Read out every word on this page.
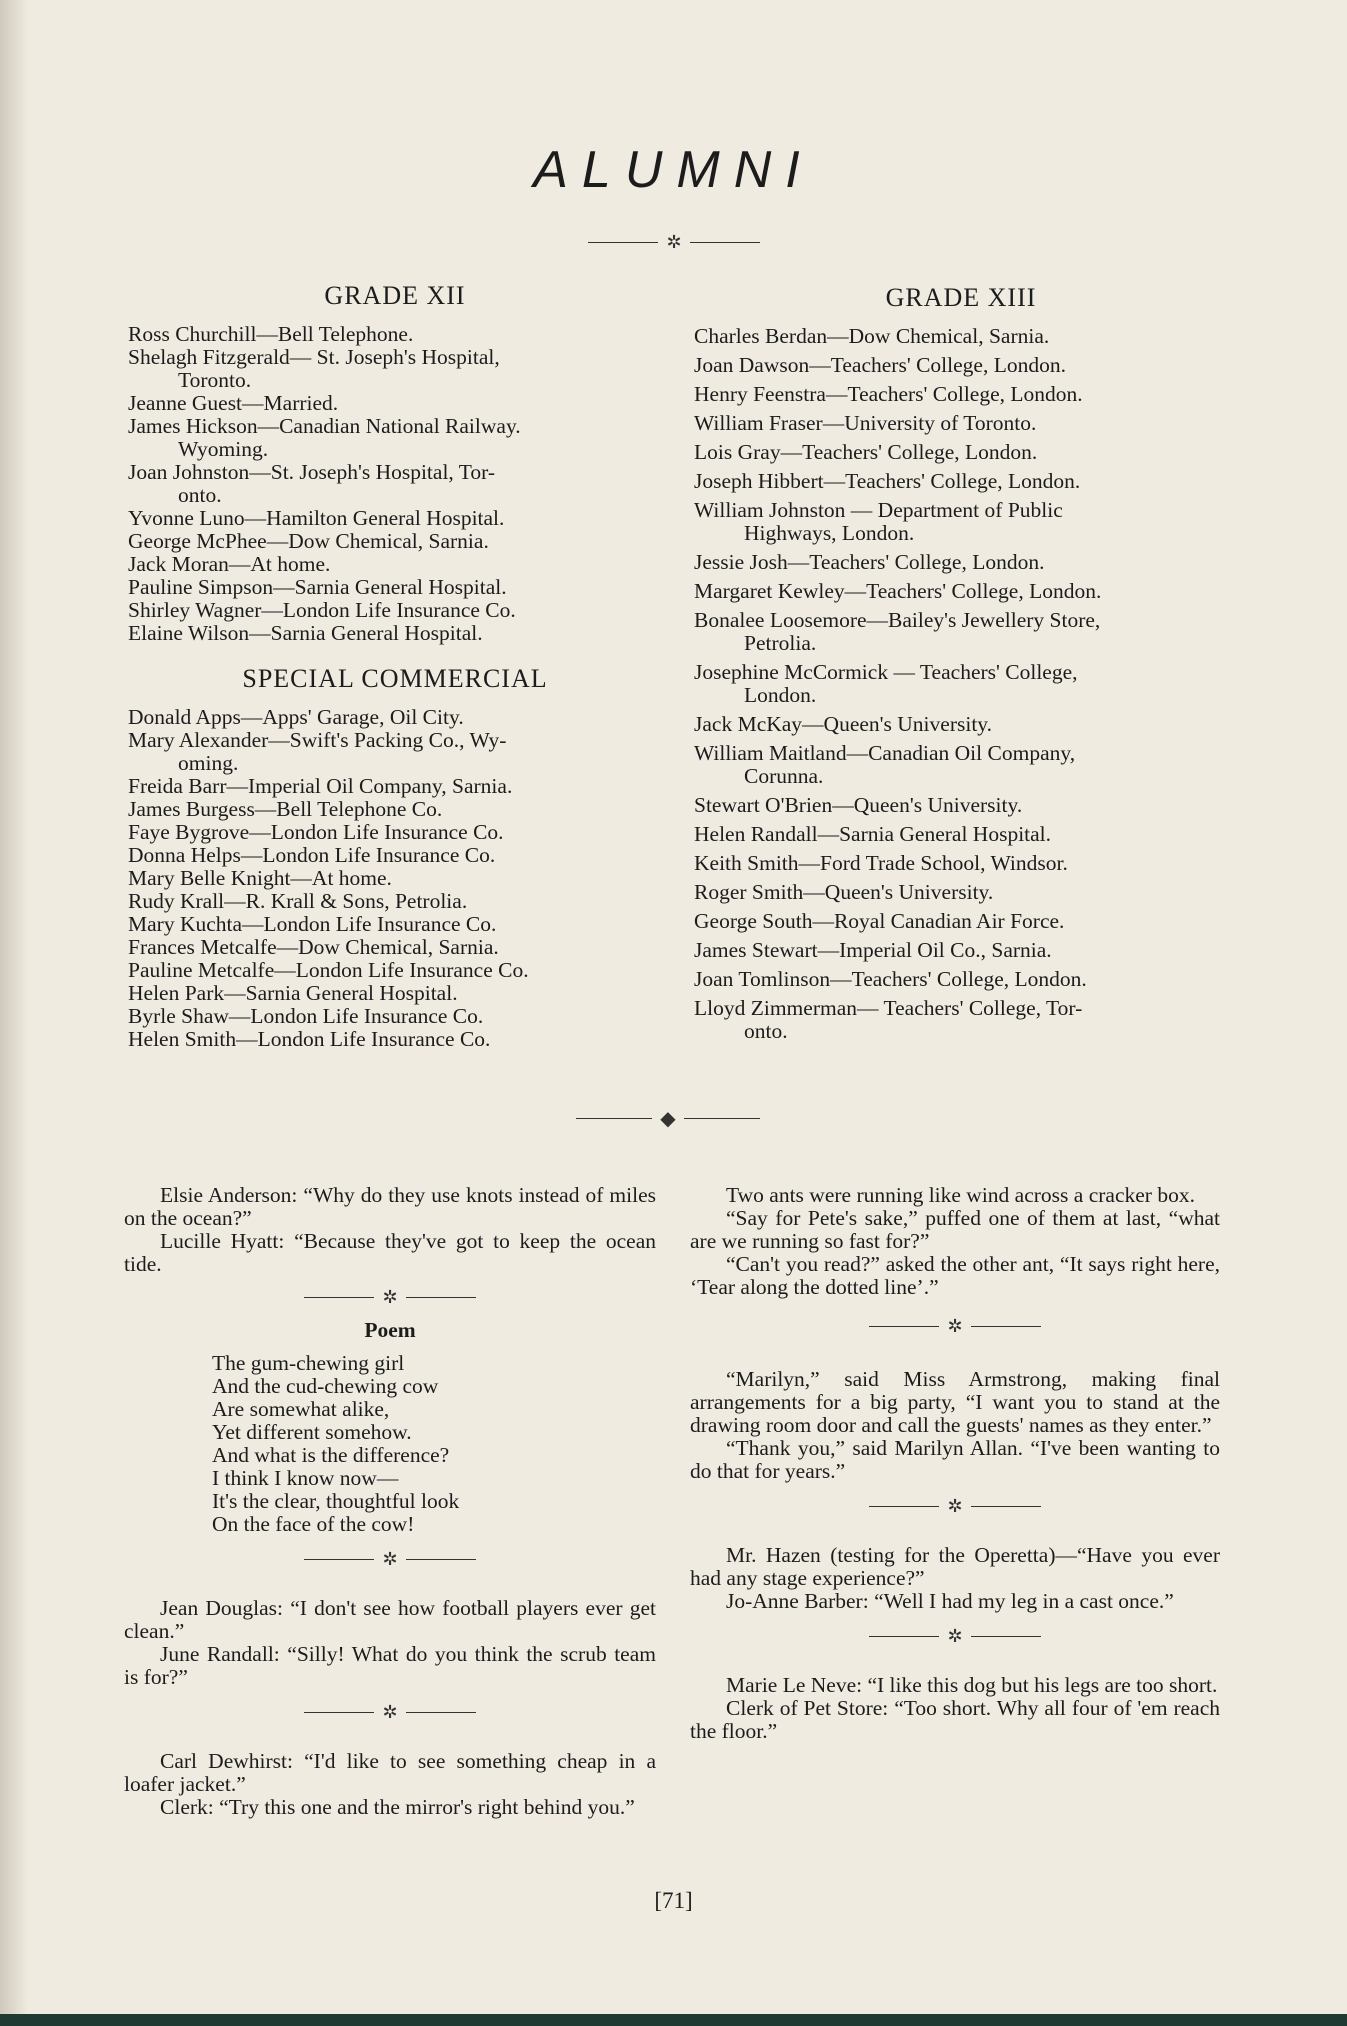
ALUMNI
✲
GRADE XII

Ross Churchill—Bell Telephone.

Shelagh Fitzgerald— St. Joseph's Hospital,
Toronto.

Jeanne Guest—Married.

James Hickson—Canadian National Railway.
Wyoming.

Joan Johnston—St. Joseph's Hospital, Tor-
onto.

Yvonne Luno—Hamilton General Hospital.

George McPhee—Dow Chemical, Sarnia.

Jack Moran—At home.

Pauline Simpson—Sarnia General Hospital.

Shirley Wagner—London Life Insurance Co.

Elaine Wilson—Sarnia General Hospital.

SPECIAL COMMERCIAL

Donald Apps—Apps' Garage, Oil City.

Mary Alexander—Swift's Packing Co., Wy-
oming.

Freida Barr—Imperial Oil Company, Sarnia.

James Burgess—Bell Telephone Co.

Faye Bygrove—London Life Insurance Co.

Donna Helps—London Life Insurance Co.

Mary Belle Knight—At home.

Rudy Krall—R. Krall & Sons, Petrolia.

Mary Kuchta—London Life Insurance Co.

Frances Metcalfe—Dow Chemical, Sarnia.

Pauline Metcalfe—London Life Insurance Co.

Helen Park—Sarnia General Hospital.

Byrle Shaw—London Life Insurance Co.

Helen Smith—London Life Insurance Co.

GRADE XIII

Charles Berdan—Dow Chemical, Sarnia.

Joan Dawson—Teachers' College, London.

Henry Feenstra—Teachers' College, London.

William Fraser—University of Toronto.

Lois Gray—Teachers' College, London.

Joseph Hibbert—Teachers' College, London.

William Johnston — Department of Public
Highways, London.

Jessie Josh—Teachers' College, London.

Margaret Kewley—Teachers' College, London.

Bonalee Loosemore—Bailey's Jewellery Store,
Petrolia.

Josephine McCormick — Teachers' College,
London.

Jack McKay—Queen's University.

William Maitland—Canadian Oil Company,
Corunna.

Stewart O'Brien—Queen's University.

Helen Randall—Sarnia General Hospital.

Keith Smith—Ford Trade School, Windsor.

Roger Smith—Queen's University.

George South—Royal Canadian Air Force.

James Stewart—Imperial Oil Co., Sarnia.

Joan Tomlinson—Teachers' College, London.

Lloyd Zimmerman— Teachers' College, Tor-
onto.

◆

Elsie Anderson: “Why do they use knots instead of miles on the ocean?”

Lucille Hyatt: “Because they've got to keep the ocean tide.

✲
Poem
The gum-chewing girl
And the cud-chewing cow
Are somewhat alike,
Yet different somehow.
And what is the difference?
I think I know now—
It's the clear, thoughtful look
On the face of the cow!
✲

Jean Douglas: “I don't see how football players ever get clean.”

June Randall: “Silly! What do you think the scrub team is for?”

✲

Carl Dewhirst: “I'd like to see something cheap in a loafer jacket.”

Clerk: “Try this one and the mirror's right behind you.”

Two ants were running like wind across a cracker box.

“Say for Pete's sake,” puffed one of them at last, “what are we running so fast for?”

“Can't you read?” asked the other ant, “It says right here, ‘Tear along the dotted line’.”

✲

“Marilyn,” said Miss Armstrong, making final arrangements for a big party, “I want you to stand at the drawing room door and call the guests' names as they enter.”

“Thank you,” said Marilyn Allan. “I've been wanting to do that for years.”

✲

Mr. Hazen (testing for the Operetta)—“Have you ever had any stage experience?”

Jo-Anne Barber: “Well I had my leg in a cast once.”

✲

Marie Le Neve: “I like this dog but his legs are too short.

Clerk of Pet Store: “Too short. Why all four of 'em reach the floor.”

[71]
